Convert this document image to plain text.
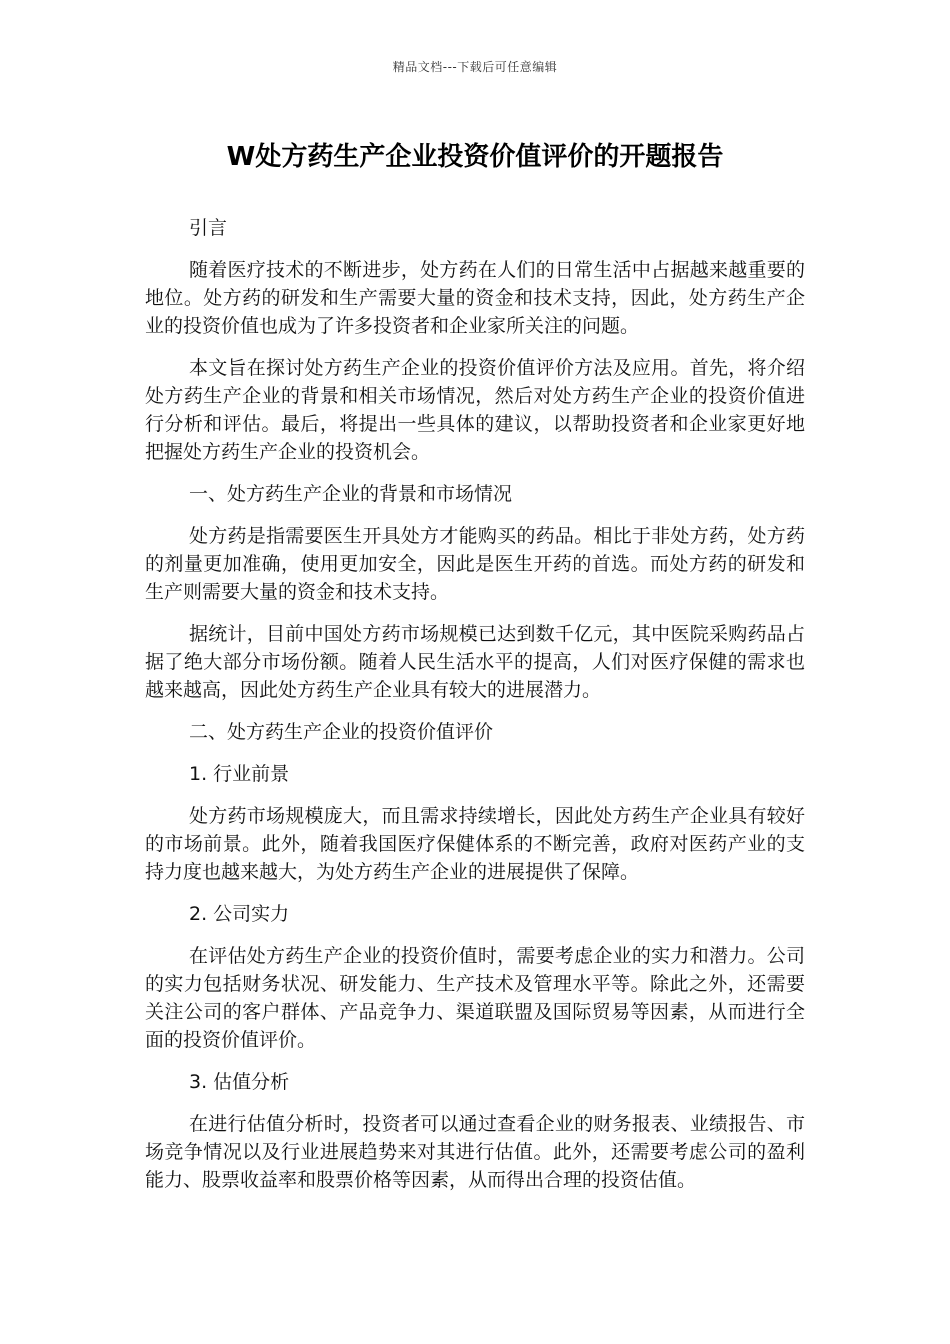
精品文档---下载后可任意编辑
W处方药生产企业投资价值评价的开题报告

引言

随着医疗技术的不断进步，处方药在人们的日常生活中占据越来越重要的地位。处方药的研发和生产需要大量的资金和技术支持，因此，处方药生产企业的投资价值也成为了许多投资者和企业家所关注的问题。

本文旨在探讨处方药生产企业的投资价值评价方法及应用。首先，将介绍处方药生产企业的背景和相关市场情况，然后对处方药生产企业的投资价值进行分析和评估。最后，将提出一些具体的建议，以帮助投资者和企业家更好地把握处方药生产企业的投资机会。

一、处方药生产企业的背景和市场情况

处方药是指需要医生开具处方才能购买的药品。相比于非处方药，处方药的剂量更加准确，使用更加安全，因此是医生开药的首选。而处方药的研发和生产则需要大量的资金和技术支持。

据统计，目前中国处方药市场规模已达到数千亿元，其中医院采购药品占据了绝大部分市场份额。随着人民生活水平的提高，人们对医疗保健的需求也越来越高，因此处方药生产企业具有较大的进展潜力。

二、处方药生产企业的投资价值评价

1. 行业前景

处方药市场规模庞大，而且需求持续增长，因此处方药生产企业具有较好的市场前景。此外，随着我国医疗保健体系的不断完善，政府对医药产业的支持力度也越来越大，为处方药生产企业的进展提供了保障。

2. 公司实力

在评估处方药生产企业的投资价值时，需要考虑企业的实力和潜力。公司的实力包括财务状况、研发能力、生产技术及管理水平等。除此之外，还需要关注公司的客户群体、产品竞争力、渠道联盟及国际贸易等因素，从而进行全面的投资价值评价。

3. 估值分析

在进行估值分析时，投资者可以通过查看企业的财务报表、业绩报告、市场竞争情况以及行业进展趋势来对其进行估值。此外，还需要考虑公司的盈利能力、股票收益率和股票价格等因素，从而得出合理的投资估值。
